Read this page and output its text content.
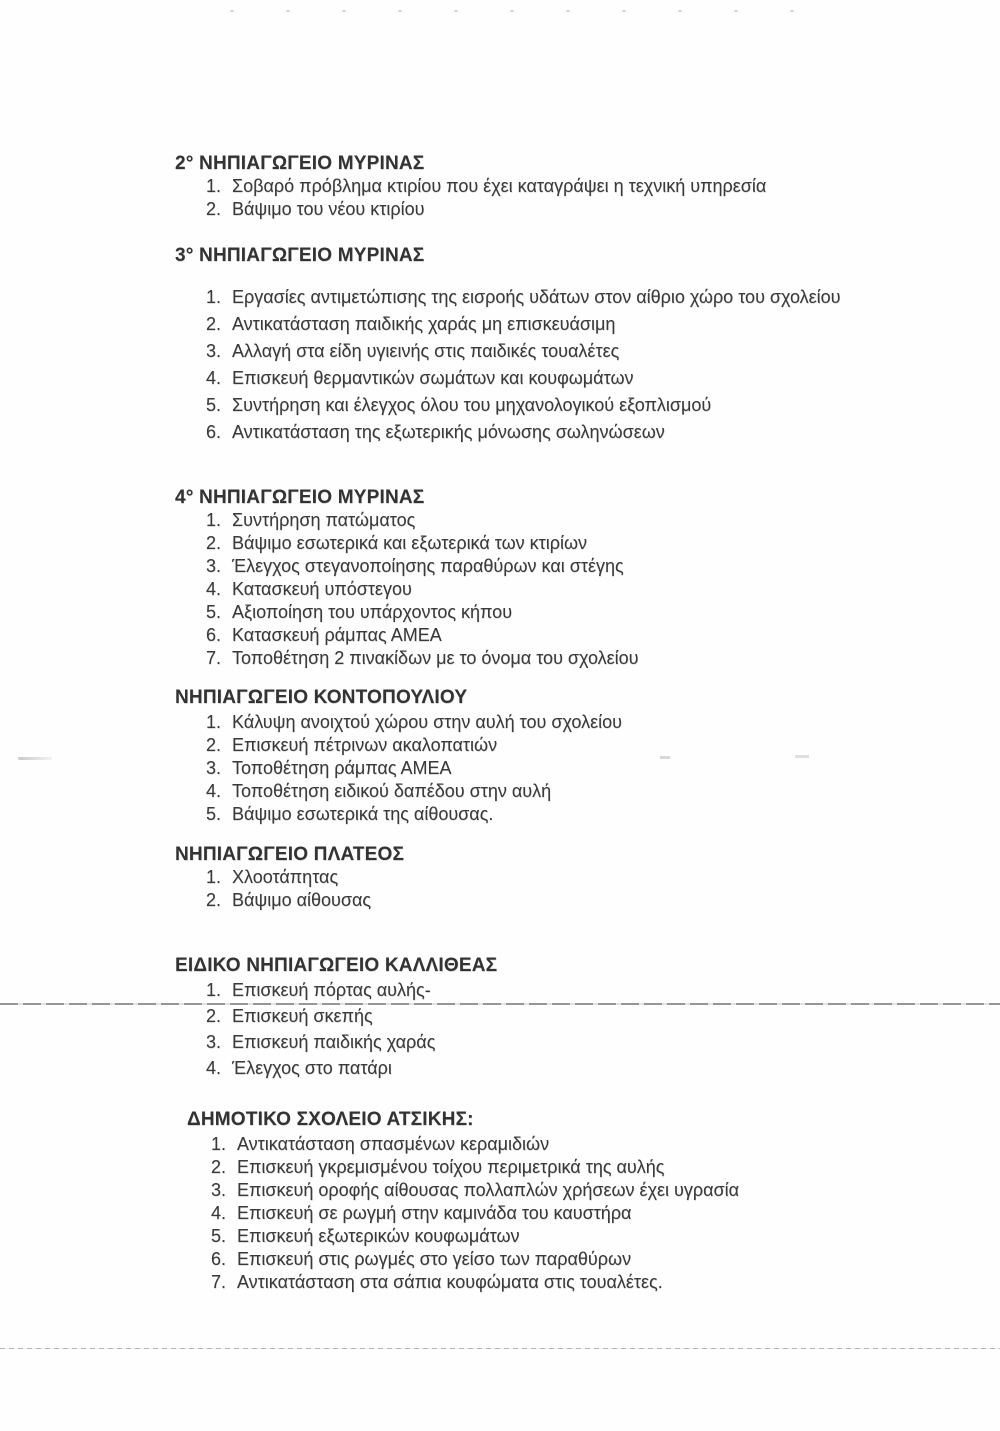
2° ΝΗΠΙΑΓΩΓΕΙΟ ΜΥΡΙΝΑΣ
1. Σοβαρό πρόβλημα κτιρίου που έχει καταγράψει η τεχνική υπηρεσία
2. Βάψιμο του νέου κτιρίου
3° ΝΗΠΙΑΓΩΓΕΙΟ ΜΥΡΙΝΑΣ
1. Εργασίες αντιμετώπισης της εισροής υδάτων στον αίθριο χώρο του σχολείου
2. Αντικατάσταση παιδικής χαράς μη επισκευάσιμη
3. Αλλαγή στα είδη υγιεινής στις παιδικές τουαλέτες
4. Επισκευή θερμαντικών σωμάτων και κουφωμάτων
5. Συντήρηση και έλεγχος όλου του μηχανολογικού εξοπλισμού
6. Αντικατάσταση της εξωτερικής μόνωσης σωληνώσεων
4° ΝΗΠΙΑΓΩΓΕΙΟ ΜΥΡΙΝΑΣ
1. Συντήρηση πατώματος
2. Βάψιμο εσωτερικά και εξωτερικά των κτιρίων
3. Έλεγχος στεγανοποίησης παραθύρων και στέγης
4. Κατασκευή υπόστεγου
5. Αξιοποίηση του υπάρχοντος κήπου
6. Κατασκευή ράμπας ΑΜΕΑ
7. Τοποθέτηση 2 πινακίδων με το όνομα του σχολείου
ΝΗΠΙΑΓΩΓΕΙΟ ΚΟΝΤΟΠΟΥΛΙΟΥ
1. Κάλυψη ανοιχτού χώρου στην αυλή του σχολείου
2. Επισκευή πέτρινων ακαλοπατιών
3. Τοποθέτηση ράμπας ΑΜΕΑ
4. Τοποθέτηση ειδικού δαπέδου στην αυλή
5. Βάψιμο εσωτερικά της αίθουσας.
ΝΗΠΙΑΓΩΓΕΙΟ ΠΛΑΤΕΟΣ
1. Χλοοτάπητας
2. Βάψιμο αίθουσας
ΕΙΔΙΚΟ ΝΗΠΙΑΓΩΓΕΙΟ ΚΑΛΛΙΘΕΑΣ
1. Επισκευή πόρτας αυλής-
2. Επισκευή σκεπής
3. Επισκευή παιδικής χαράς
4. Έλεγχος στο πατάρι
ΔΗΜΟΤΙΚΟ ΣΧΟΛΕΙΟ ΑΤΣΙΚΗΣ:
1. Αντικατάσταση σπασμένων κεραμιδιών
2. Επισκευή γκρεμισμένου τοίχου περιμετρικά της αυλής
3. Επισκευή οροφής αίθουσας πολλαπλών χρήσεων έχει υγρασία
4. Επισκευή σε ρωγμή στην καμινάδα του καυστήρα
5. Επισκευή εξωτερικών κουφωμάτων
6. Επισκευή στις ρωγμές στο γείσο των παραθύρων
7. Αντικατάσταση στα σάπια κουφώματα στις τουαλέτες.
